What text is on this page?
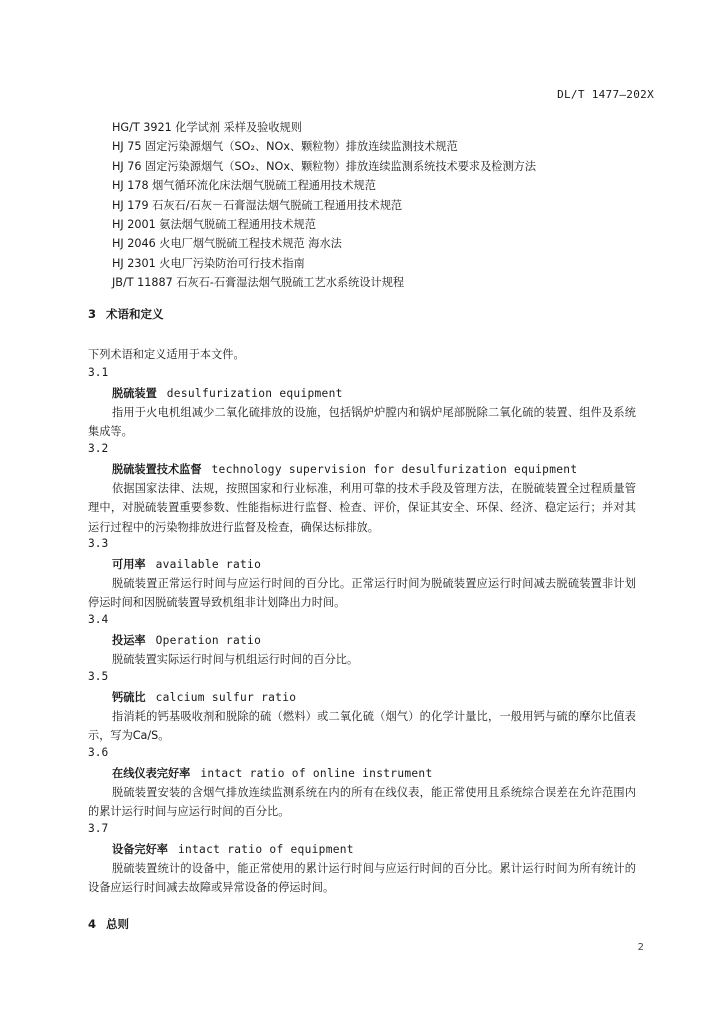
DL/T 1477—202X
HG/T 3921 化学试剂 采样及验收规则
HJ 75 固定污染源烟气（SO₂、NOx、颗粒物）排放连续监测技术规范
HJ 76 固定污染源烟气（SO₂、NOx、颗粒物）排放连续监测系统技术要求及检测方法
HJ 178 烟气循环流化床法烟气脱硫工程通用技术规范
HJ 179 石灰石/石灰－石膏湿法烟气脱硫工程通用技术规范
HJ 2001 氨法烟气脱硫工程通用技术规范
HJ 2046 火电厂烟气脱硫工程技术规范 海水法
HJ 2301 火电厂污染防治可行技术指南
JB/T 11887 石灰石-石膏湿法烟气脱硫工艺水系统设计规程
3 术语和定义
下列术语和定义适用于本文件。
3.1
脱硫装置 desulfurization equipment
指用于火电机组减少二氧化硫排放的设施，包括锅炉炉膛内和锅炉尾部脱除二氧化硫的装置、组件及系统集成等。
3.2
脱硫装置技术监督 technology supervision for desulfurization equipment
依据国家法律、法规，按照国家和行业标准，利用可靠的技术手段及管理方法，在脱硫装置全过程质量管理中，对脱硫装置重要参数、性能指标进行监督、检查、评价，保证其安全、环保、经济、稳定运行；并对其运行过程中的污染物排放进行监督及检查，确保达标排放。
3.3
可用率 available ratio
脱硫装置正常运行时间与应运行时间的百分比。正常运行时间为脱硫装置应运行时间减去脱硫装置非计划停运时间和因脱硫装置导致机组非计划降出力时间。
3.4
投运率 Operation ratio
脱硫装置实际运行时间与机组运行时间的百分比。
3.5
钙硫比 calcium sulfur ratio
指消耗的钙基吸收剂和脱除的硫（燃料）或二氧化硫（烟气）的化学计量比，一般用钙与硫的摩尔比值表示，写为Ca/S。
3.6
在线仪表完好率 intact ratio of online instrument
脱硫装置安装的含烟气排放连续监测系统在内的所有在线仪表，能正常使用且系统综合误差在允许范围内的累计运行时间与应运行时间的百分比。
3.7
设备完好率 intact ratio of equipment
脱硫装置统计的设备中，能正常使用的累计运行时间与应运行时间的百分比。累计运行时间为所有统计的设备应运行时间减去故障或异常设备的停运时间。
4 总则
2
